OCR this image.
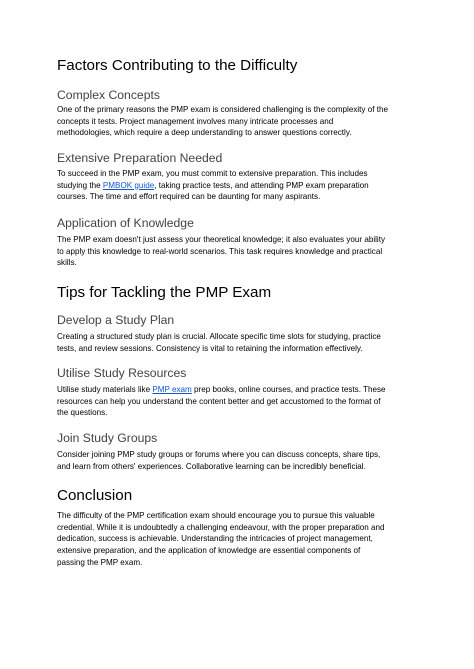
Factors Contributing to the Difficulty
Complex Concepts
One of the primary reasons the PMP exam is considered challenging is the complexity of the
concepts it tests. Project management involves many intricate processes and
methodologies, which require a deep understanding to answer questions correctly.
Extensive Preparation Needed
To succeed in the PMP exam, you must commit to extensive preparation. This includes
studying the PMBOK guide, taking practice tests, and attending PMP exam preparation
courses. The time and effort required can be daunting for many aspirants.
Application of Knowledge
The PMP exam doesn't just assess your theoretical knowledge; it also evaluates your ability
to apply this knowledge to real-world scenarios. This task requires knowledge and practical
skills.
Tips for Tackling the PMP Exam
Develop a Study Plan
Creating a structured study plan is crucial. Allocate specific time slots for studying, practice
tests, and review sessions. Consistency is vital to retaining the information effectively.
Utilise Study Resources
Utilise study materials like PMP exam prep books, online courses, and practice tests. These
resources can help you understand the content better and get accustomed to the format of
the questions.
Join Study Groups
Consider joining PMP study groups or forums where you can discuss concepts, share tips,
and learn from others' experiences. Collaborative learning can be incredibly beneficial.
Conclusion
The difficulty of the PMP certification exam should encourage you to pursue this valuable
credential. While it is undoubtedly a challenging endeavour, with the proper preparation and
dedication, success is achievable. Understanding the intricacies of project management,
extensive preparation, and the application of knowledge are essential components of
passing the PMP exam.
